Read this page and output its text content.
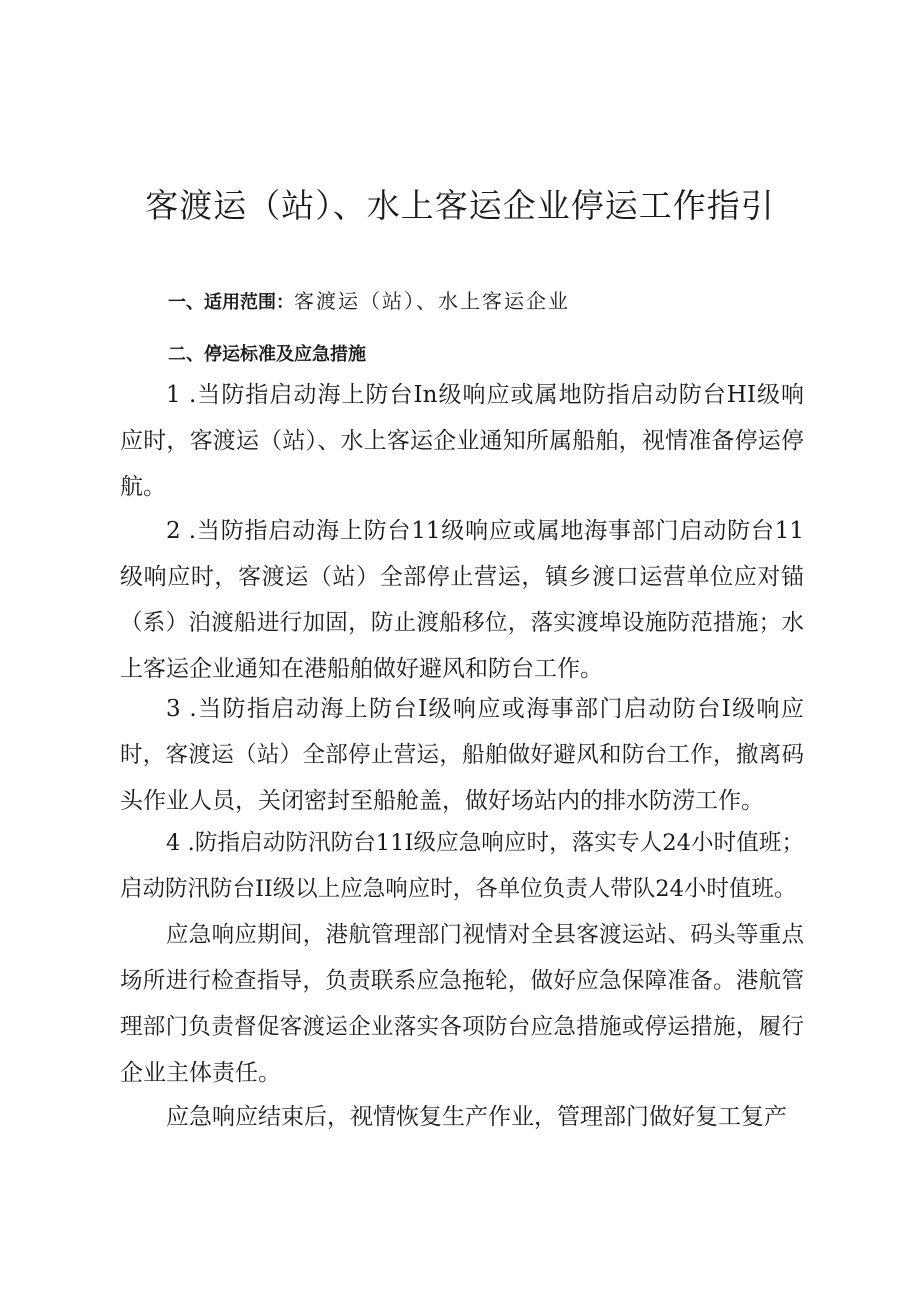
客渡运（站）、水上客运企业停运工作指引
一、适用范围：客渡运（站）、水上客运企业
二、停运标准及应急措施
1 .当防指启动海上防台In级响应或属地防指启动防台HI级响
应时，客渡运（站）、水上客运企业通知所属船舶，视情准备停运停
航。
2 .当防指启动海上防台11级响应或属地海事部门启动防台11
级响应时，客渡运（站）全部停止营运，镇乡渡口运营单位应对锚
（系）泊渡船进行加固，防止渡船移位，落实渡埠设施防范措施；水
上客运企业通知在港船舶做好避风和防台工作。
3 .当防指启动海上防台I级响应或海事部门启动防台I级响应
时，客渡运（站）全部停止营运，船舶做好避风和防台工作，撤离码
头作业人员，关闭密封至船舱盖，做好场站内的排水防涝工作。
4 .防指启动防汛防台11I级应急响应时，落实专人24小时值班；
启动防汛防台II级以上应急响应时，各单位负责人带队24小时值班。
应急响应期间，港航管理部门视情对全县客渡运站、码头等重点
场所进行检查指导，负责联系应急拖轮，做好应急保障准备。港航管
理部门负责督促客渡运企业落实各项防台应急措施或停运措施，履行
企业主体责任。
应急响应结束后，视情恢复生产作业，管理部门做好复工复产
